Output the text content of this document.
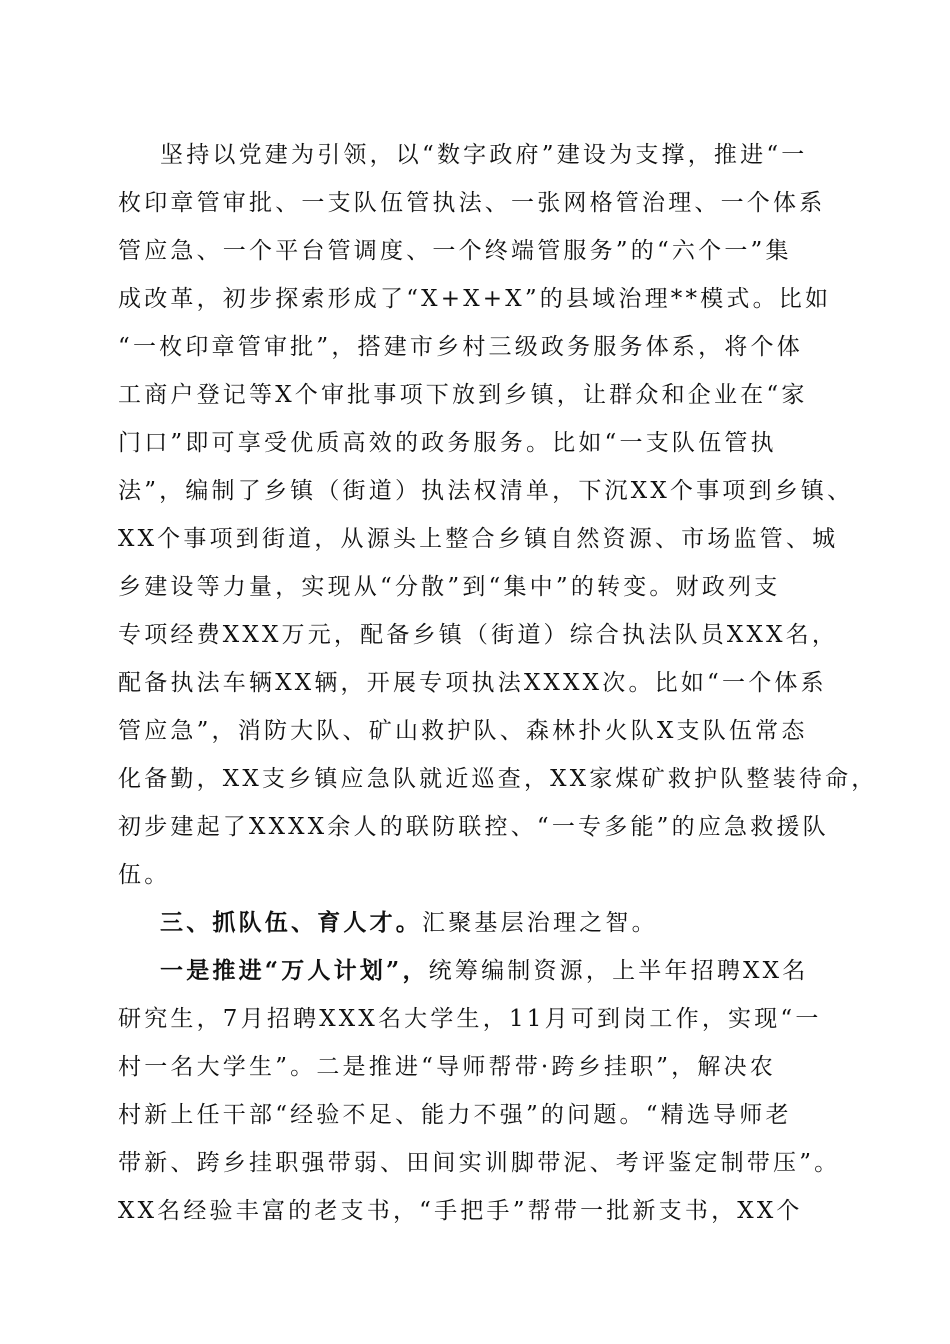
坚持以党建为引领，以“数字政府”建设为支撑，推进“一
枚印章管审批、一支队伍管执法、一张网格管治理、一个体系
管应急、一个平台管调度、一个终端管服务”的“六个一”集
成改革，初步探索形成了“X+X+X”的县域治理**模式。比如
“一枚印章管审批”，搭建市乡村三级政务服务体系，将个体
工商户登记等X个审批事项下放到乡镇，让群众和企业在“家
门口”即可享受优质高效的政务服务。比如“一支队伍管执
法”，编制了乡镇（街道）执法权清单，下沉XX个事项到乡镇、
XX个事项到街道，从源头上整合乡镇自然资源、市场监管、城
乡建设等力量，实现从“分散”到“集中”的转变。财政列支
专项经费XXX万元，配备乡镇（街道）综合执法队员XXX名，
配备执法车辆XX辆，开展专项执法XXXX次。比如“一个体系
管应急”，消防大队、矿山救护队、森林扑火队X支队伍常态
化备勤，XX支乡镇应急队就近巡查，XX家煤矿救护队整装待命，
初步建起了XXXX余人的联防联控、“一专多能”的应急救援队
伍。
三、抓队伍、育人才。汇聚基层治理之智。
一是推进“万人计划”，统筹编制资源，上半年招聘XX名
研究生，7月招聘XXX名大学生，11月可到岗工作，实现“一
村一名大学生”。二是推进“导师帮带·跨乡挂职”，解决农
村新上任干部“经验不足、能力不强”的问题。“精选导师老
带新、跨乡挂职强带弱、田间实训脚带泥、考评鉴定制带压”。
XX名经验丰富的老支书，“手把手”帮带一批新支书，XX个
